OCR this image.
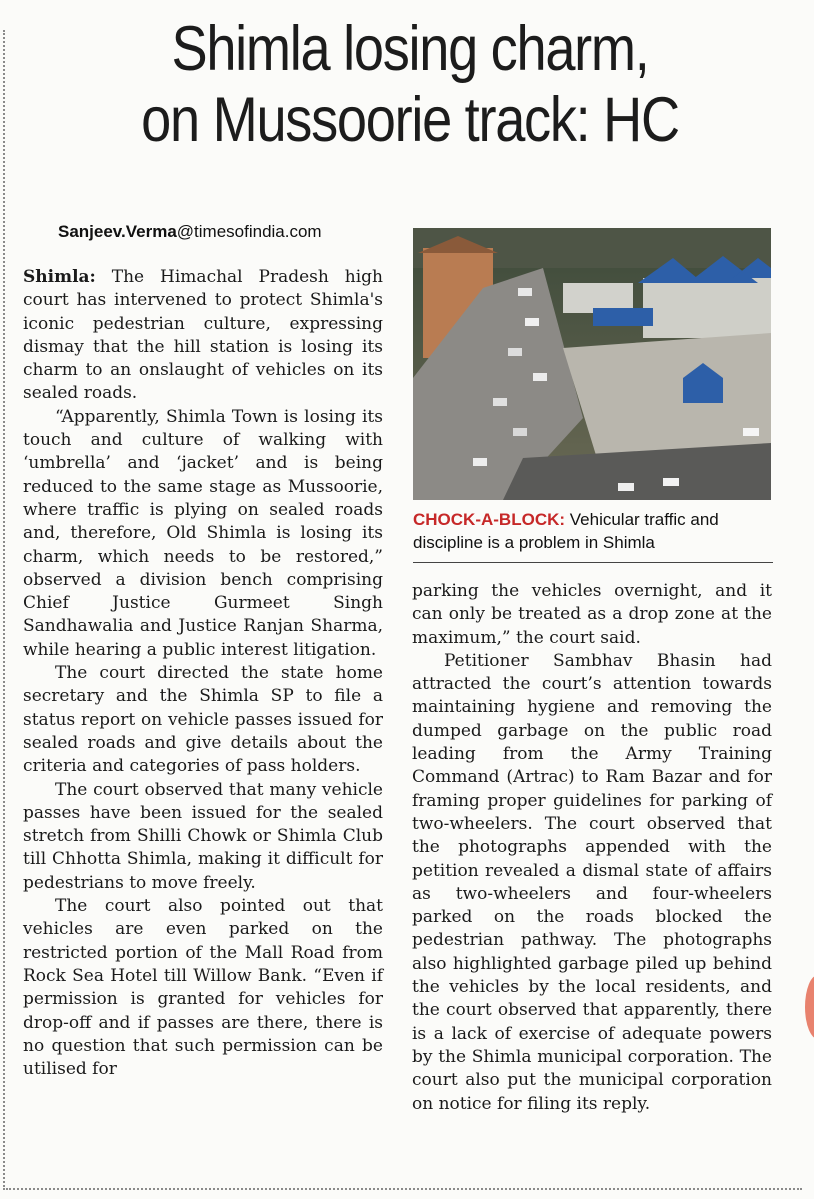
Shimla losing charm,
on Mussoorie track: HC
Sanjeev.Verma@timesofindia.com

Shimla: The Himachal Pradesh high court has intervened to protect Shimla's iconic pedestrian culture, expressing dismay that the hill station is losing its charm to an onslaught of vehicles on its sealed roads.

“Apparently, Shimla Town is losing its touch and culture of walking with ‘umbrella’ and ‘jacket’ and is being reduced to the same stage as Mussoorie, where traffic is plying on sealed roads and, therefore, Old Shimla is losing its charm, which needs to be restored,” observed a division bench comprising Chief Justice Gurmeet Singh Sandhawalia and Justice Ranjan Sharma, while hearing a public interest litigation.

The court directed the state home secretary and the Shimla SP to file a status report on vehicle passes issued for sealed roads and give details about the criteria and categories of pass holders.

The court observed that many vehicle passes have been issued for the sealed stretch from Shilli Chowk or Shimla Club till Chhotta Shimla, making it difficult for pedestrians to move freely.

The court also pointed out that vehicles are even parked on the restricted portion of the Mall Road from Rock Sea Hotel till Willow Bank. “Even if permission is granted for vehicles for drop-off and if passes are there, there is no question that such permission can be utilised for

CHOCK-A-BLOCK: Vehicular traffic and discipline is a problem in Shimla

parking the vehicles overnight, and it can only be treated as a drop zone at the maximum,” the court said.

Petitioner Sambhav Bhasin had attracted the court’s attention towards maintaining hygiene and removing the dumped garbage on the public road leading from the Army Training Command (Artrac) to Ram Bazar and for framing proper guidelines for parking of two-wheelers. The court observed that the photographs appended with the petition revealed a dismal state of affairs as two-wheelers and four-wheelers parked on the roads blocked the pedestrian pathway. The photographs also highlighted garbage piled up behind the vehicles by the local residents, and the court observed that apparently, there is a lack of exercise of adequate powers by the Shimla municipal corporation. The court also put the municipal corporation on notice for filing its reply.
